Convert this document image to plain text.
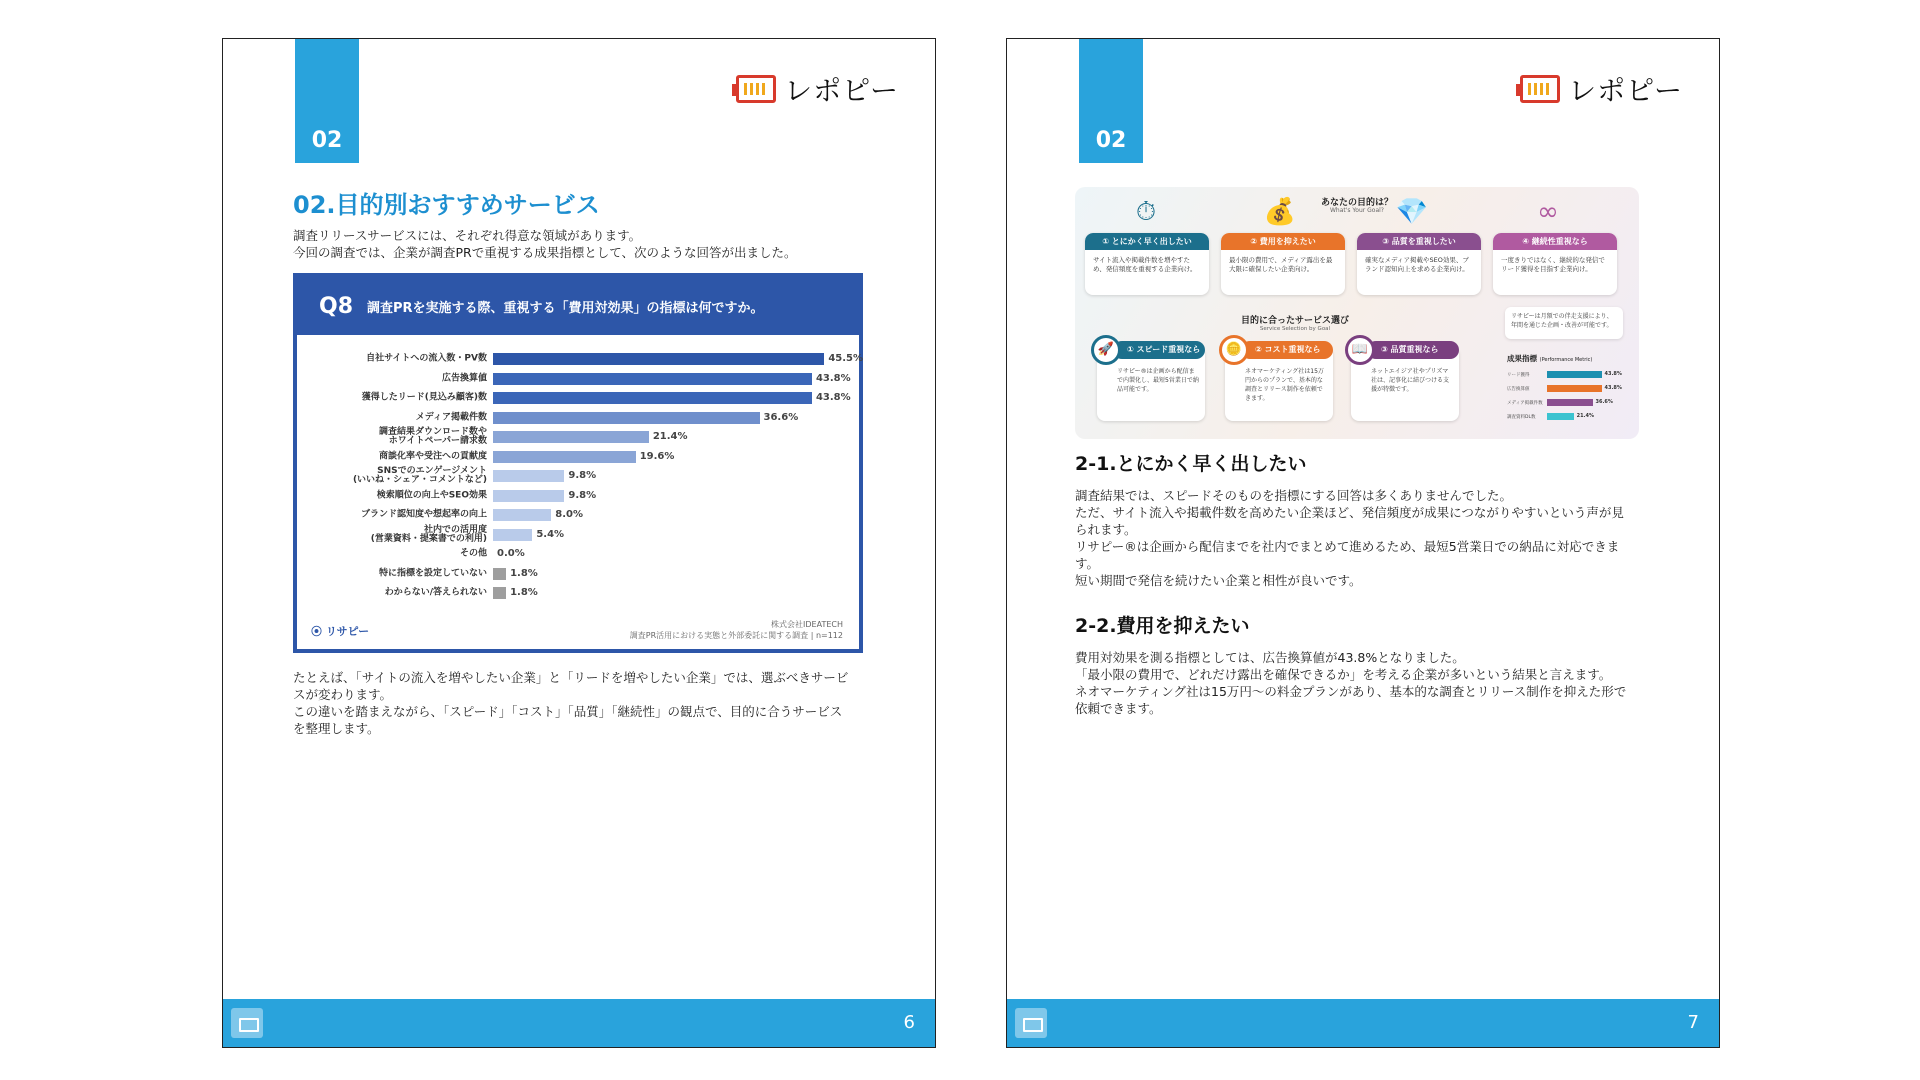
02
レポピー
02.目的別おすすめサービス
調査リリースサービスには、それぞれ得意な領域があります。
今回の調査では、企業が調査PRで重視する成果指標として、次のような回答が出ました。
Q8 調査PRを実施する際、重視する「費用対効果」の指標は何ですか。
自社サイトへの流入数・PV数	45.5%
広告換算値	43.8%
獲得したリード(見込み顧客)数	43.8%
メディア掲載件数	36.6%
調査結果ダウンロード数や
ホワイトペーパー請求数	21.4%
商談化率や受注への貢献度	19.6%
SNSでのエンゲージメント
(いいね・シェア・コメントなど)	9.8%
検索順位の向上やSEO効果	9.8%
ブランド認知度や想起率の向上	8.0%
社内での活用度
(営業資料・提案書での利用)	5.4%
その他 0.0%
特に指標を設定していない 1.8%
わからない/答えられない 1.8%
⦿ リサピー
株式会社IDEATECH
調査PR活用における実態と外部委託に関する調査 | n=112
たとえば、「サイトの流入を増やしたい企業」と「リードを増やしたい企業」では、選ぶべきサービ
スが変わります。
この違いを踏まえながら、「スピード」「コスト」「品質」「継続性」の観点で、目的に合うサービス
を整理します。
6
02
レポピー
あなたの目的は？
What's Your Goal?
⏱	💰	💎	∞
① とにかく早く出したい
サイト流入や掲載件数を増やすため、発信頻度を重視する企業向け。
② 費用を抑えたい
最小限の費用で、メディア露出を最大限に確保したい企業向け。
③ 品質を重視したい
確実なメディア掲載やSEO効果、ブランド認知向上を求める企業向け。
④ 継続性重視なら
一度きりではなく、継続的な発信でリード獲得を目指す企業向け。
目的に合ったサービス選び
Service Selection by Goal
リサピーは月額での伴走支援により、年間を通じた企画・改善が可能です。
① スピード重視なら
🚀
リサピー®は企画から配信まで内製化し、最短5営業日で納品可能です。
② コスト重視なら
🪙
ネオマーケティング社は15万円からのプランで、基本的な調査とリリース制作を依頼できます。
③ 品質重視なら
📖
ネットエイジア社やプリズマ社は、記事化に結びつける支援が特徴です。
成果指標 (Performance Metric)
リード獲得	43.8%
広告換算値	43.8%
メディア掲載件数	36.6%
調査資料DL数	21.4%
2-1.とにかく早く出したい
調査結果では、スピードそのものを指標にする回答は多くありませんでした。
ただ、サイト流入や掲載件数を高めたい企業ほど、発信頻度が成果につながりやすいという声が見
られます。
リサピー®は企画から配信までを社内でまとめて進めるため、最短5営業日での納品に対応できま
す。
短い期間で発信を続けたい企業と相性が良いです。
2-2.費用を抑えたい
費用対効果を測る指標としては、広告換算値が43.8%となりました。
「最小限の費用で、どれだけ露出を確保できるか」を考える企業が多いという結果と言えます。
ネオマーケティング社は15万円〜の料金プランがあり、基本的な調査とリリース制作を抑えた形で
依頼できます。
7
